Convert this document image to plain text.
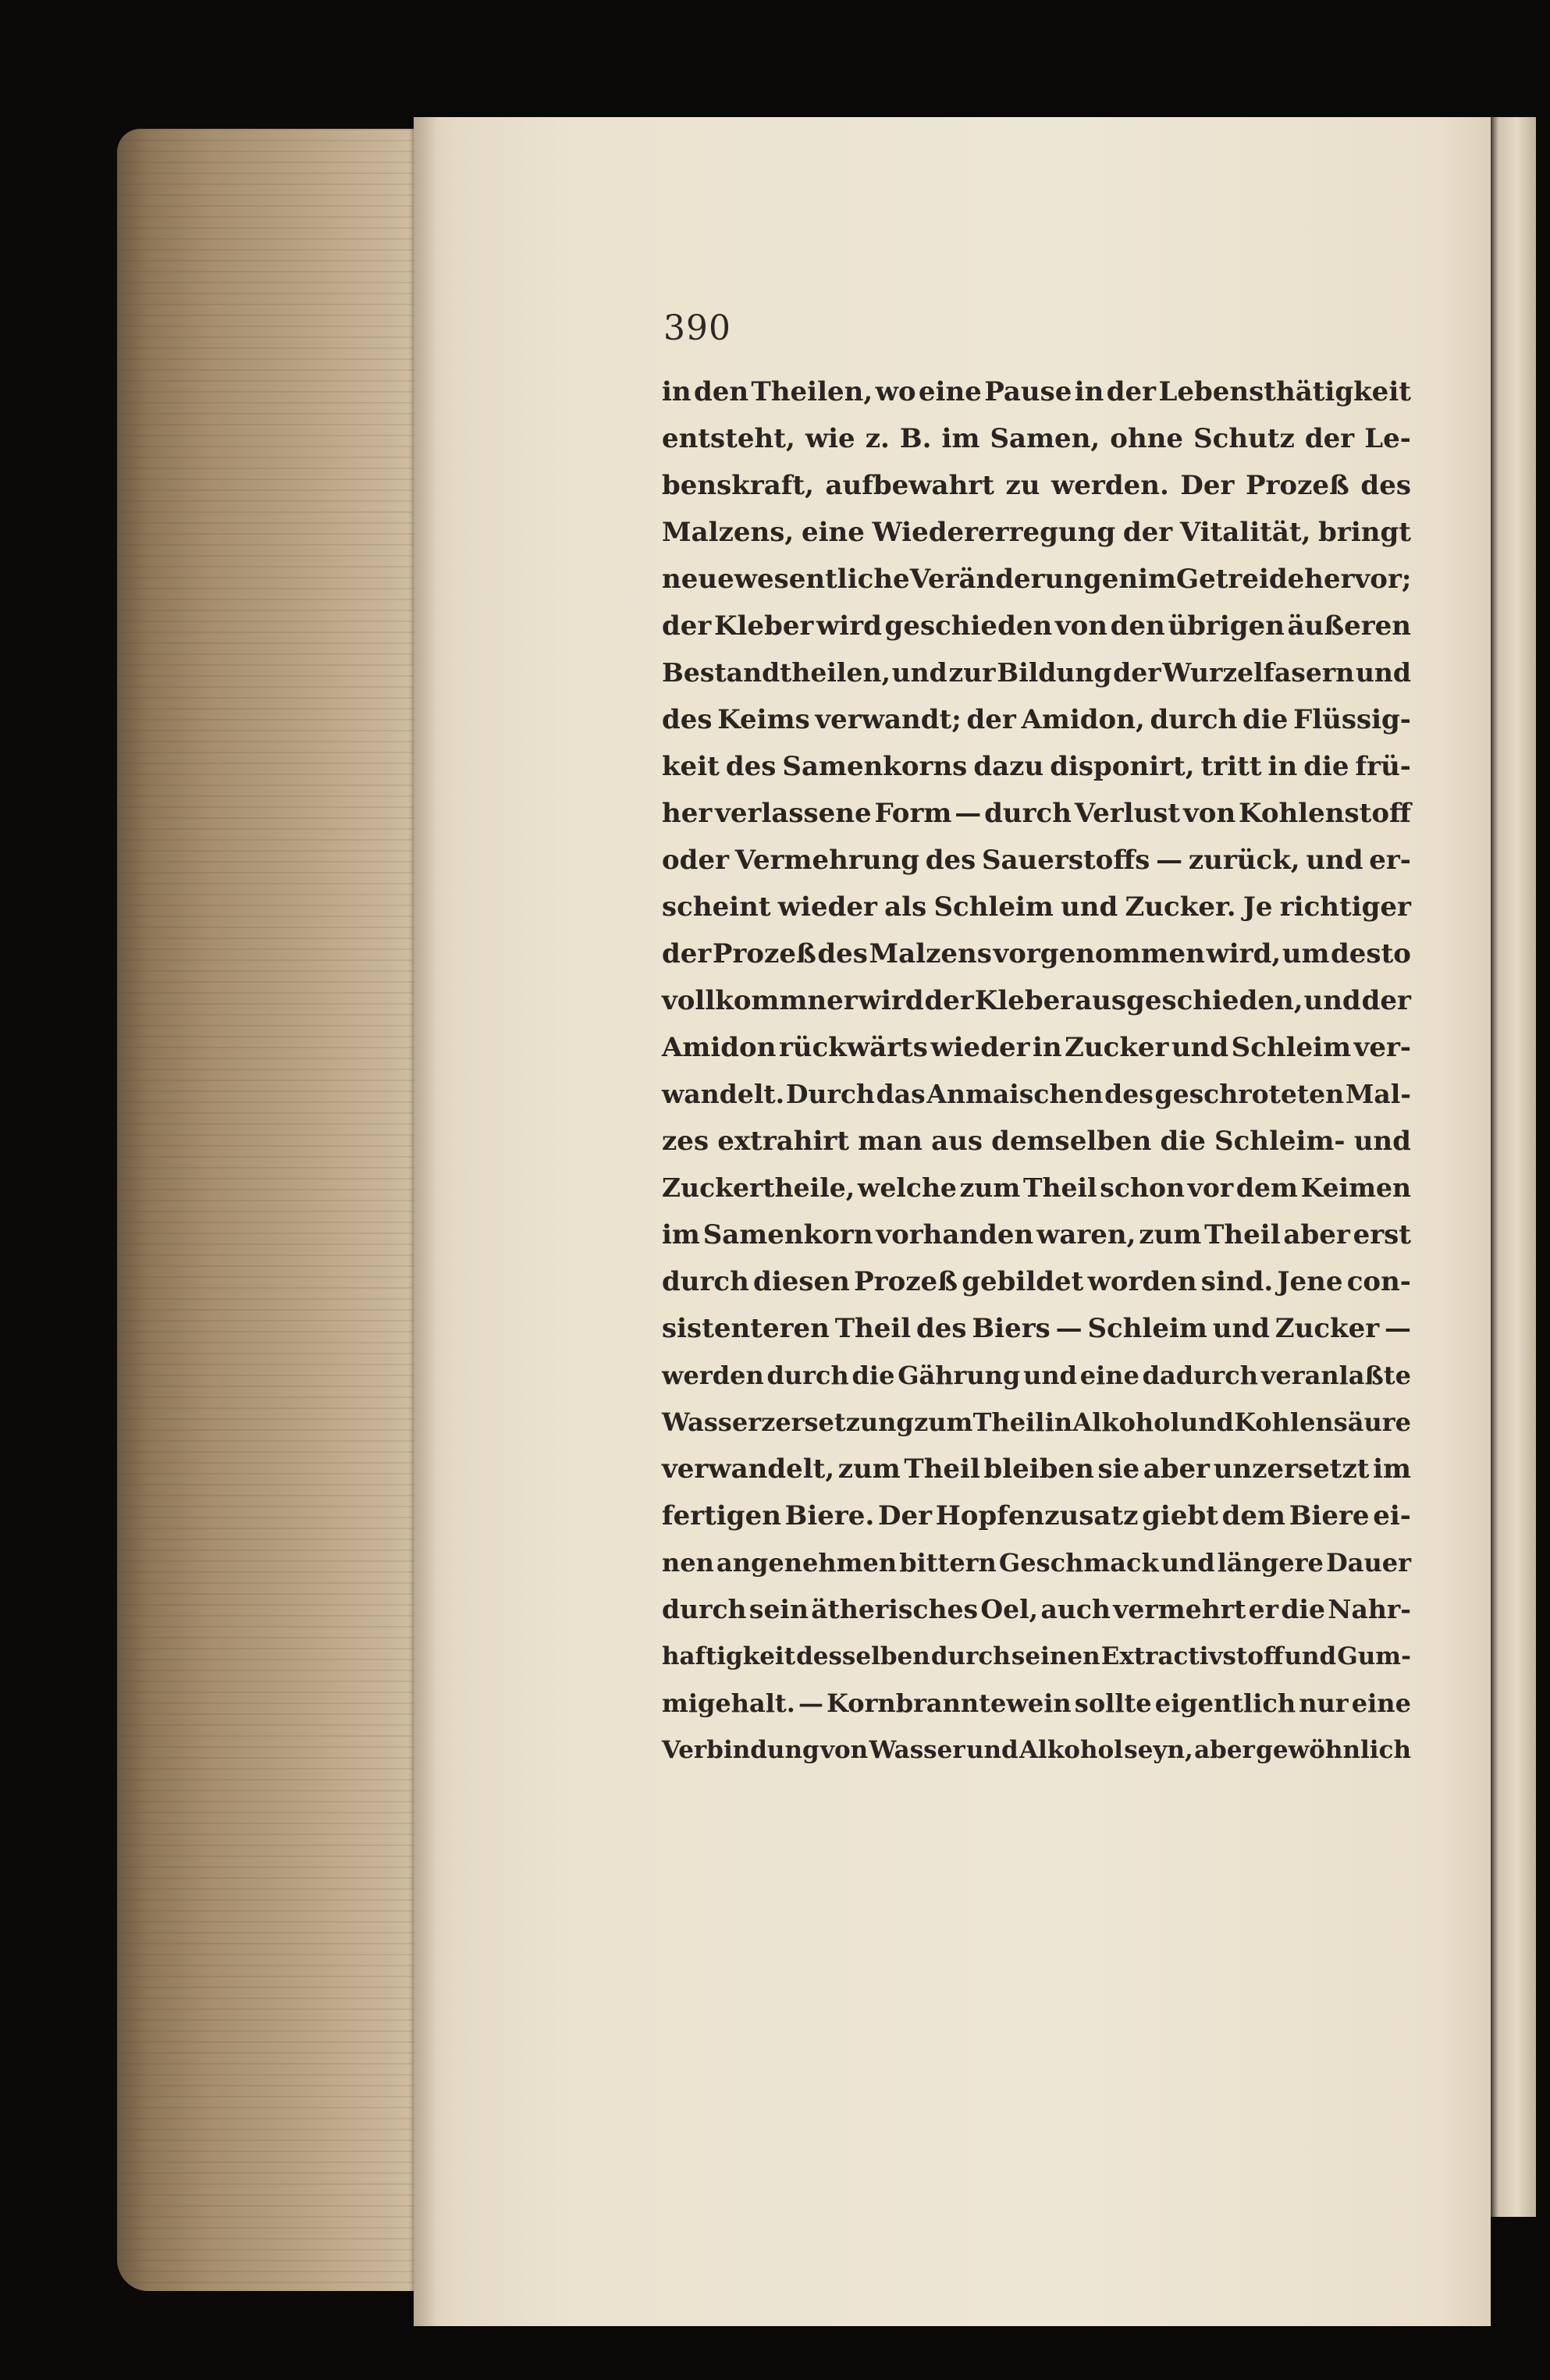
390
in den Theilen, wo eine Pause in der Lebensthätigkeit
entsteht, wie z. B. im Samen, ohne Schutz der Le-
benskraft, aufbewahrt zu werden. Der Prozeß des
Malzens, eine Wiedererregung der Vitalität, bringt
neue wesentliche Veränderungen im Getreide hervor;
der Kleber wird geschieden von den übrigen äußeren
Bestandtheilen, und zur Bildung der Wurzelfasern und
des Keims verwandt; der Amidon, durch die Flüssig-
keit des Samenkorns dazu disponirt, tritt in die frü-
her verlassene Form — durch Verlust von Kohlenstoff
oder Vermehrung des Sauerstoffs — zurück, und er-
scheint wieder als Schleim und Zucker. Je richtiger
der Prozeß des Malzens vorgenommen wird, um desto
vollkommner wird der Kleber ausgeschieden, und der
Amidon rückwärts wieder in Zucker und Schleim ver-
wandelt. Durch das Anmaischen des geschroteten Mal-
zes extrahirt man aus demselben die Schleim- und
Zuckertheile, welche zum Theil schon vor dem Keimen
im Samenkorn vorhanden waren, zum Theil aber erst
durch diesen Prozeß gebildet worden sind. Jene con-
sistenteren Theil des Biers — Schleim und Zucker —
werden durch die Gährung und eine dadurch veranlaßte
Wasserzersetzung zum Theil in Alkohol und Kohlensäure
verwandelt, zum Theil bleiben sie aber unzersetzt im
fertigen Biere. Der Hopfenzusatz giebt dem Biere ei-
nen angenehmen bittern Geschmack und längere Dauer
durch sein ätherisches Oel, auch vermehrt er die Nahr-
haftigkeit desselben durch seinen Extractivstoff und Gum-
migehalt. — Kornbranntewein sollte eigentlich nur eine
Verbindung von Wasser und Alkohol seyn, aber gewöhnlich
